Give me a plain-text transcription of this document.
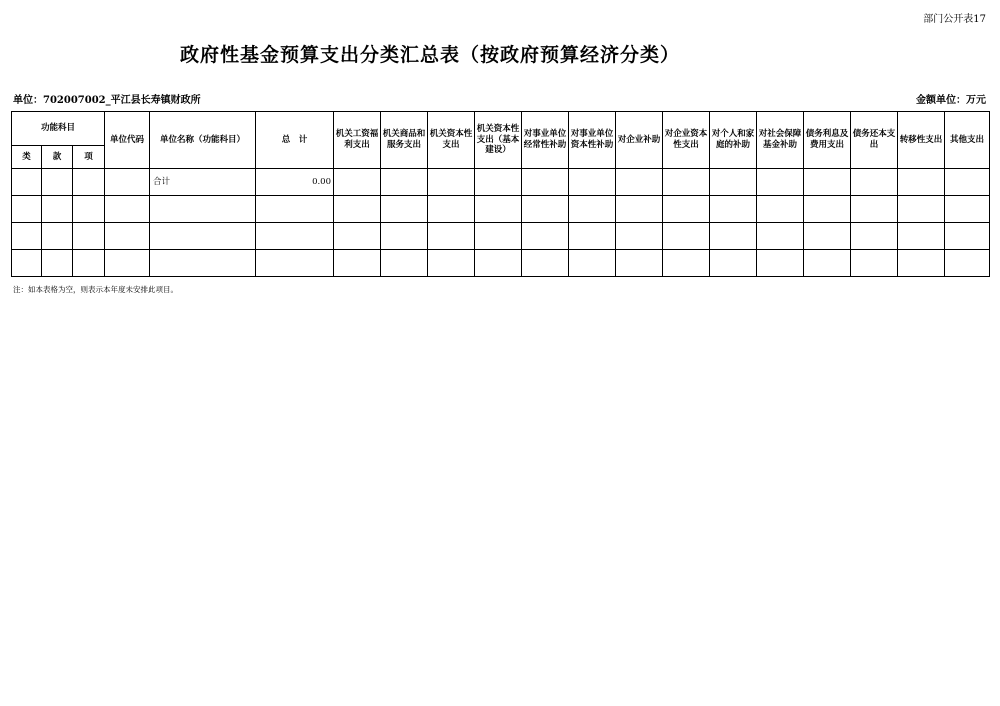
部门公开表17
政府性基金预算支出分类汇总表（按政府预算经济分类）
单位：702007002_平江县长寿镇财政所	金额单位：万元
功能科目			单位代码	单位名称（功能科目）	总　计	机关工资福利支出	机关商品和服务支出	机关资本性支出	机关资本性支出（基本建设）	对事业单位经常性补助	对事业单位资本性补助	对企业补助	对企业资本性支出	对个人和家庭的补助	对社会保障基金补助	债务利息及费用支出	债务还本支出	转移性支出	其他支出
类	款	项																	
				合计	0.00														

注：如本表格为空，则表示本年度未安排此项目。
